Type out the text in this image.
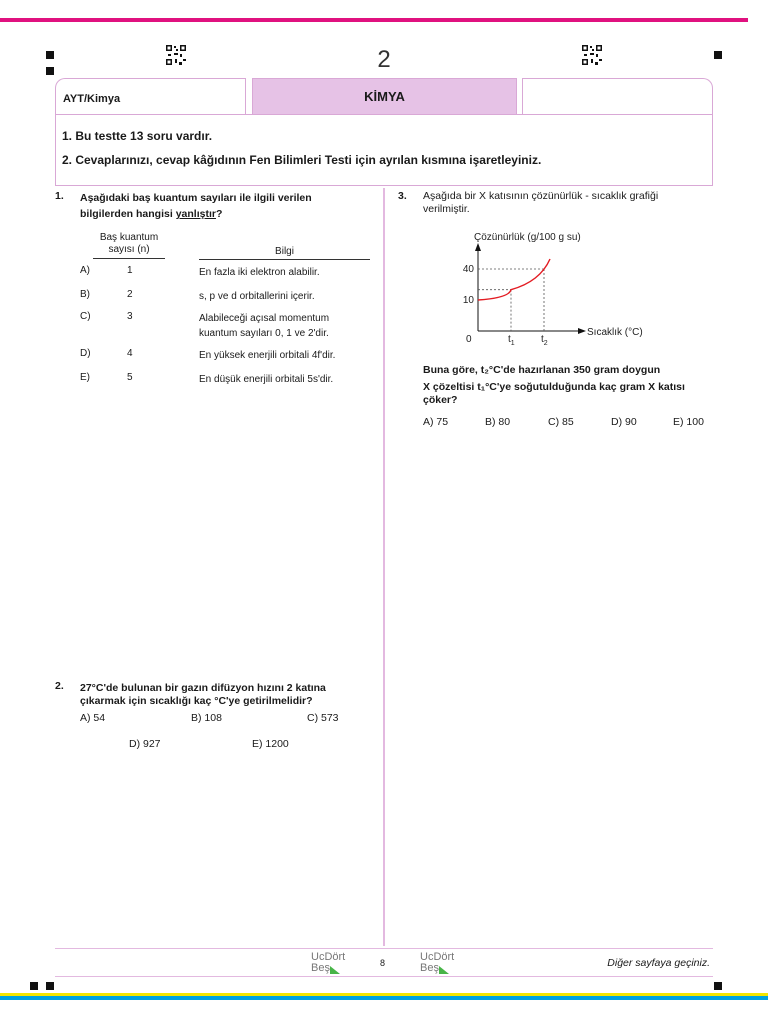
2
AYT/Kimya	KİMYA

1. Bu testte 13 soru vardır.

2. Cevaplarınızı, cevap kâğıdının Fen Bilimleri Testi için ayrılan kısmına işaretleyiniz.

1. Aşağıdaki baş kuantum sayıları ile ilgili verilen
bilgilerden hangisi yanlıştır?
Baş kuantum sayısı (n)	Bilgi
A)	1	En fazla iki elektron alabilir.
B)	2	s, p ve d orbitallerini içerir.
C)	3	Alabileceği açısal momentum kuantum sayıları 0, 1 ve 2'dir.
D)	4	En yüksek enerjili orbitali 4f'dir.
E)	5	En düşük enerjili orbitali 5s'dir.
2. 27°C'de bulunan bir gazın difüzyon hızını 2 katına
çıkarmak için sıcaklığı kaç °C'ye getirilmelidir?
A) 54	B) 108	C) 573
D) 927	E) 1200
3. Aşağıda bir X katısının çözünürlük - sıcaklık grafiği
verilmiştir.
Çözünürlük (g/100 g su)
Sıcaklık (°C)
10
40
0	$t_1$	$t_2$
Buna göre, t₂°C'de hazırlanan 350 gram doygun
X çözeltisi t₁°C'ye soğutulduğunda kaç gram X katısı
çöker?
A) 75	B) 80	C) 85	D) 90	E) 100
UcDört
Beş	8	UcDört
Beş	Diğer sayfaya geçiniz.
